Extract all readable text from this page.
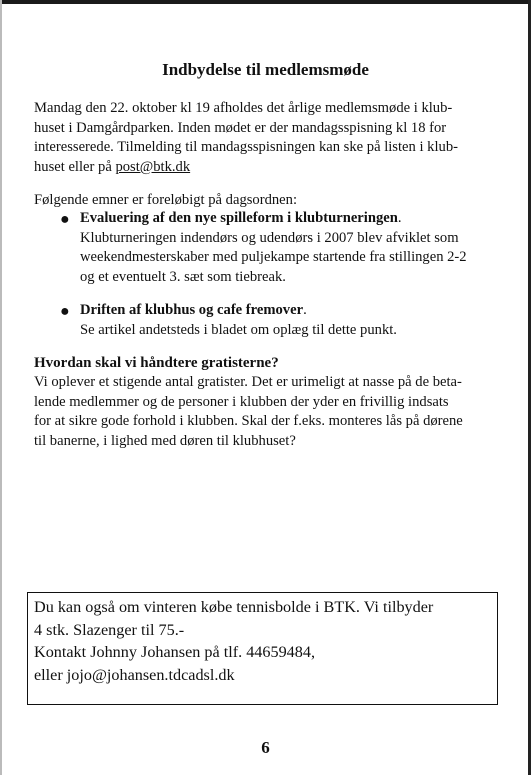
Indbydelse til medlemsmøde
Mandag den 22. oktober kl 19 afholdes det årlige medlemsmøde i klub-
huset i Damgårdparken. Inden mødet er der mandagsspisning kl 18 for
interesserede. Tilmelding til mandagsspisningen kan ske på listen i klub-
huset eller på post@btk.dk
Følgende emner er foreløbigt på dagsordnen:
● Evaluering af den nye spilleform i klubturneringen.
Klubturneringen indendørs og udendørs i 2007 blev afviklet som
weekendmesterskaber med puljekampe startende fra stillingen 2-2
og et eventuelt 3. sæt som tiebreak.
● Driften af klubhus og cafe fremover.
Se artikel andetsteds i bladet om oplæg til dette punkt.
Hvordan skal vi håndtere gratisterne?
Vi oplever et stigende antal gratister. Det er urimeligt at nasse på de beta-
lende medlemmer og de personer i klubben der yder en frivillig indsats
for at sikre gode forhold i klubben. Skal der f.eks. monteres lås på dørene
til banerne, i lighed med døren til klubhuset?
Du kan også om vinteren købe tennisbolde i BTK. Vi tilbyder
4 stk. Slazenger til 75.-
Kontakt Johnny Johansen på tlf. 44659484,
eller jojo@johansen.tdcadsl.dk
6
